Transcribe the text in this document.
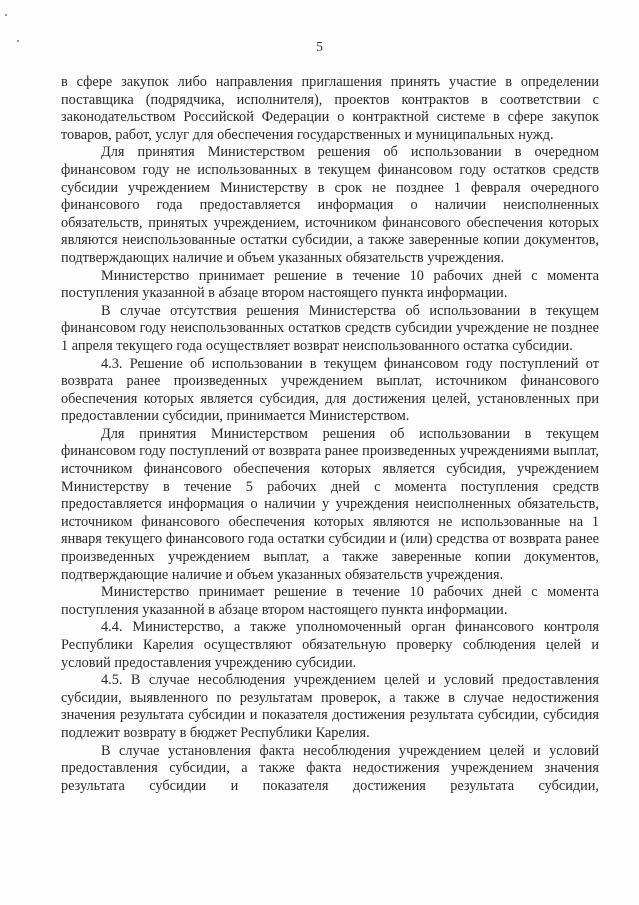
5

в сфере закупок либо направления приглашения принять участие в определении поставщика (подрядчика, исполнителя), проектов контрактов в соответствии с законодательством Российской Федерации о контрактной системе в сфере закупок товаров, работ, услуг для обеспечения государственных и муниципальных нужд.

Для принятия Министерством решения об использовании в очередном финансовом году не использованных в текущем финансовом году остатков средств субсидии учреждением Министерству в срок не позднее 1 февраля очередного финансового года предоставляется информация о наличии неисполненных обязательств, принятых учреждением, источником финансового обеспечения которых являются неиспользованные остатки субсидии, а также заверенные копии документов, подтверждающих наличие и объем указанных обязательств учреждения.

Министерство принимает решение в течение 10 рабочих дней с момента поступления указанной в абзаце втором настоящего пункта информации.

В случае отсутствия решения Министерства об использовании в текущем финансовом году неиспользованных остатков средств субсидии учреждение не позднее 1 апреля текущего года осуществляет возврат неиспользованного остатка субсидии.

4.3. Решение об использовании в текущем финансовом году поступлений от возврата ранее произведенных учреждением выплат, источником финансового обеспечения которых является субсидия, для достижения целей, установленных при предоставлении субсидии, принимается Министерством.

Для принятия Министерством решения об использовании в текущем финансовом году поступлений от возврата ранее произведенных учреждениями выплат, источником финансового обеспечения которых является субсидия, учреждением Министерству в течение 5 рабочих дней с момента поступления средств предоставляется информация о наличии у учреждения неисполненных обязательств, источником финансового обеспечения которых являются не использованные на 1 января текущего финансового года остатки субсидии и (или) средства от возврата ранее произведенных учреждением выплат, а также заверенные копии документов, подтверждающие наличие и объем указанных обязательств учреждения.

Министерство принимает решение в течение 10 рабочих дней с момента поступления указанной в абзаце втором настоящего пункта информации.

4.4. Министерство, а также уполномоченный орган финансового контроля Республики Карелия осуществляют обязательную проверку соблюдения целей и условий предоставления учреждению субсидии.

4.5. В случае несоблюдения учреждением целей и условий предоставления субсидии, выявленного по результатам проверок, а также в случае недостижения значения результата субсидии и показателя достижения результата субсидии, субсидия подлежит возврату в бюджет Республики Карелия.

В случае установления факта несоблюдения учреждением целей и условий предоставления субсидии, а также факта недостижения учреждением значения результата субсидии и показателя достижения результата субсидии,
